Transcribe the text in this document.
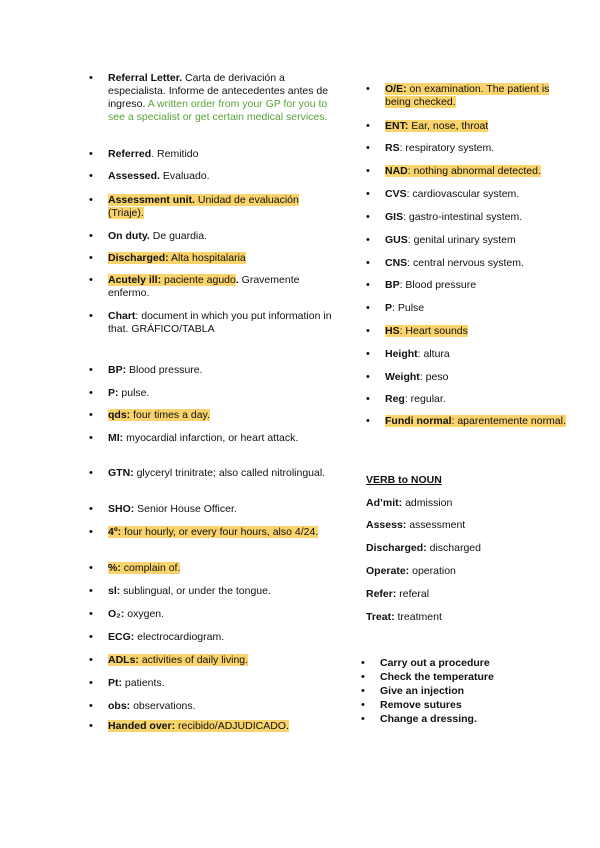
• Referral Letter. Carta de derivación a especialista. Informe de antecedentes antes de ingreso. A written order from your GP for you to see a specialist or get certain medical services.
• Referred. Remitido
• Assessed. Evaluado.
• Assessment unit. Unidad de evaluación (Triaje).
• On duty. De guardia.
• Discharged: Alta hospitalaria
• Acutely ill: paciente agudo. Gravemente enfermo.
• Chart: document in which you put information in that. GRÁFICO/TABLA
• BP: Blood pressure.
• P: pulse.
• qds: four times a day.
• MI: myocardial infarction, or heart attack.
• GTN: glyceryl trinitrate; also called nitrolingual.
• SHO: Senior House Officer.
• 4º: four hourly, or every four hours, also 4/24.
• %: complain of.
• sl: sublingual, or under the tongue.
• O₂: oxygen.
• ECG: electrocardiogram.
• ADLs: activities of daily living.
• Pt: patients.
• obs: observations.
• Handed over: recibido/ADJUDICADO.
• O/E: on examination. The patient is being checked.
• ENT: Ear, nose, throat
• RS: respiratory system.
• NAD: nothing abnormal detected.
• CVS: cardiovascular system.
• GIS: gastro-intestinal system.
• GUS: genital urinary system
• CNS: central nervous system.
• BP: Blood pressure
• P: Pulse
• HS: Heart sounds
• Height: altura
• Weight: peso
• Reg: regular.
• Fundi normal: aparentemente normal.
VERB to NOUN
• Carry out a procedure
• Check the temperature
• Give an injection
• Remove sutures
• Change a dressing.
Ad’mit: admission
Assess: assessment
Discharged: discharged
Operate: operation
Refer: referal
Treat: treatment
